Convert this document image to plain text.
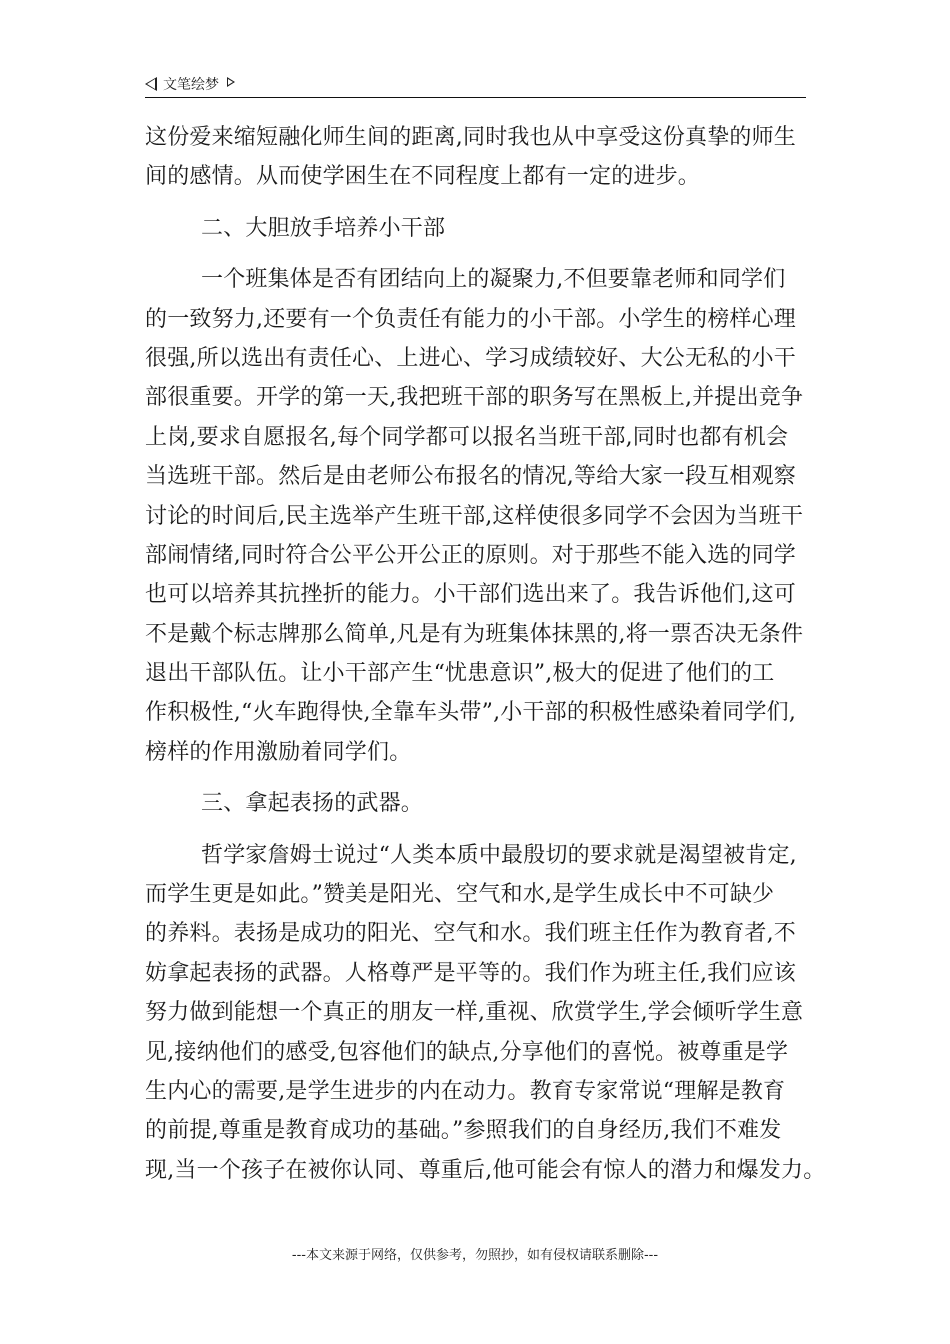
文笔绘梦
这份爱来缩短融化师生间的距离,同时我也从中享受这份真挚的师生
间的感情。从而使学困生在不同程度上都有一定的进步。
二、大胆放手培养小干部
一个班集体是否有团结向上的凝聚力,不但要靠老师和同学们
的一致努力,还要有一个负责任有能力的小干部。小学生的榜样心理
很强,所以选出有责任心、上进心、学习成绩较好、大公无私的小干
部很重要。开学的第一天,我把班干部的职务写在黑板上,并提出竞争
上岗,要求自愿报名,每个同学都可以报名当班干部,同时也都有机会
当选班干部。然后是由老师公布报名的情况,等给大家一段互相观察
讨论的时间后,民主选举产生班干部,这样使很多同学不会因为当班干
部闹情绪,同时符合公平公开公正的原则。对于那些不能入选的同学
也可以培养其抗挫折的能力。小干部们选出来了。我告诉他们,这可
不是戴个标志牌那么简单,凡是有为班集体抹黑的,将一票否决无条件
退出干部队伍。让小干部产生“忧患意识”,极大的促进了他们的工
作积极性,“火车跑得快,全靠车头带”,小干部的积极性感染着同学们,
榜样的作用激励着同学们。
三、拿起表扬的武器。
哲学家詹姆士说过“人类本质中最殷切的要求就是渴望被肯定,
而学生更是如此。”赞美是阳光、空气和水,是学生成长中不可缺少
的养料。表扬是成功的阳光、空气和水。我们班主任作为教育者,不
妨拿起表扬的武器。人格尊严是平等的。我们作为班主任,我们应该
努力做到能想一个真正的朋友一样,重视、欣赏学生,学会倾听学生意
见,接纳他们的感受,包容他们的缺点,分享他们的喜悦。被尊重是学
生内心的需要,是学生进步的内在动力。教育专家常说“理解是教育
的前提,尊重是教育成功的基础。”参照我们的自身经历,我们不难发
现,当一个孩子在被你认同、尊重后,他可能会有惊人的潜力和爆发力。
---本文来源于网络，仅供参考，勿照抄，如有侵权请联系删除---
